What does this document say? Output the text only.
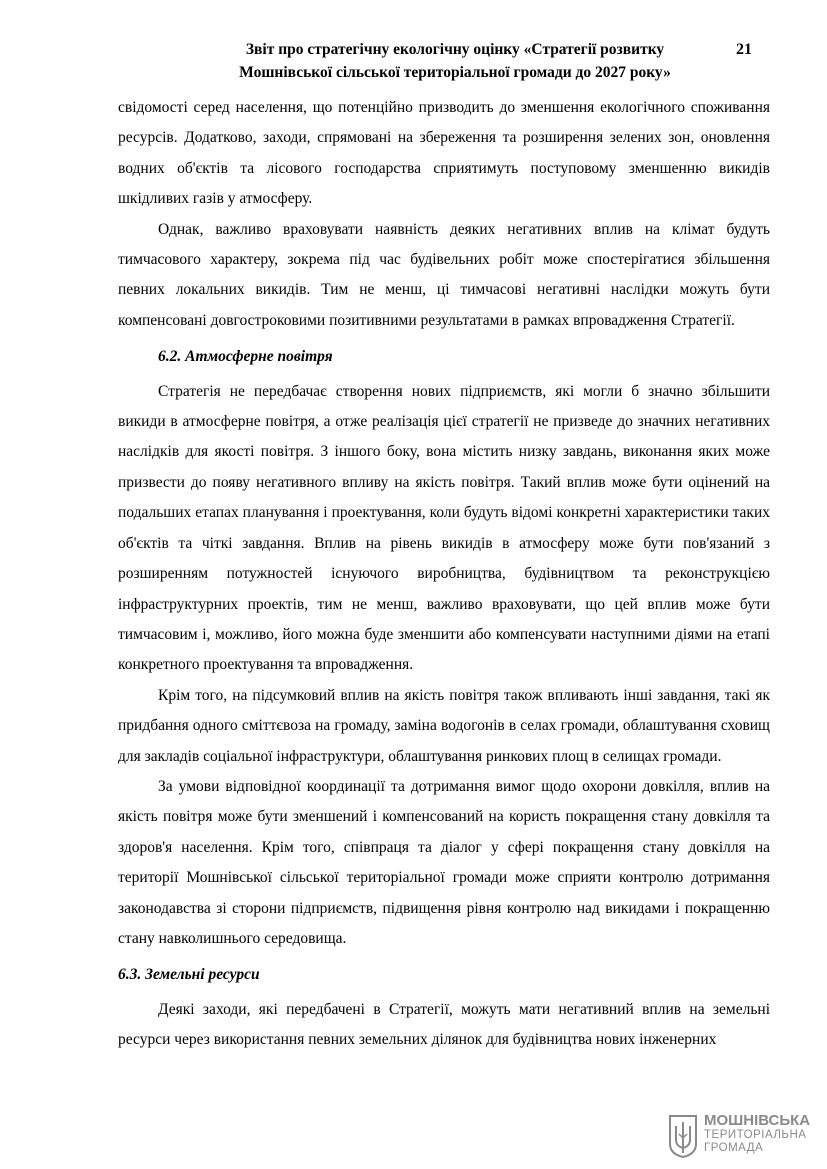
Звіт про стратегічну екологічну оцінку «Стратегії розвитку
Мошнівської сільської територіальної громади до 2027 року»
21

свідомості серед населення, що потенційно призводить до зменшення екологічного споживання ресурсів. Додатково, заходи, спрямовані на збереження та розширення зелених зон, оновлення водних об'єктів та лісового господарства сприятимуть поступовому зменшенню викидів шкідливих газів у атмосферу.

Однак, важливо враховувати наявність деяких негативних вплив на клімат будуть тимчасового характеру, зокрема під час будівельних робіт може спостерігатися збільшення певних локальних викидів. Тим не менш, ці тимчасові негативні наслідки можуть бути компенсовані довгостроковими позитивними результатами в рамках впровадження Стратегії.

6.2. Атмосферне повітря

Стратегія не передбачає створення нових підприємств, які могли б значно збільшити викиди в атмосферне повітря, а отже реалізація цієї стратегії не призведе до значних негативних наслідків для якості повітря. З іншого боку, вона містить низку завдань, виконання яких може призвести до появу негативного впливу на якість повітря. Такий вплив може бути оцінений на подальших етапах планування і проектування, коли будуть відомі конкретні характеристики таких об'єктів та чіткі завдання. Вплив на рівень викидів в атмосферу може бути пов'язаний з розширенням потужностей існуючого виробництва, будівництвом та реконструкцією інфраструктурних проектів, тим не менш, важливо враховувати, що цей вплив може бути тимчасовим і, можливо, його можна буде зменшити або компенсувати наступними діями на етапі конкретного проектування та впровадження.

Крім того, на підсумковий вплив на якість повітря також впливають інші завдання, такі як придбання одного сміттєвоза на громаду, заміна водогонів в селах громади, облаштування сховищ для закладів соціальної інфраструктури, облаштування ринкових площ в селищах громади.

За умови відповідної координації та дотримання вимог щодо охорони довкілля, вплив на якість повітря може бути зменшений і компенсований на користь покращення стану довкілля та здоров'я населення. Крім того, співпраця та діалог у сфері покращення стану довкілля на території Мошнівської сільської територіальної громади може сприяти контролю дотримання законодавства зі сторони підприємств, підвищення рівня контролю над викидами і покращенню стану навколишнього середовища.

6.3. Земельні ресурси

Деякі заходи, які передбачені в Стратегії, можуть мати негативний вплив на земельні ресурси через використання певних земельних ділянок для будівництва нових інженерних

МОШНІВСЬКА
ТЕРИТОРІАЛЬНА
ГРОМАДА
